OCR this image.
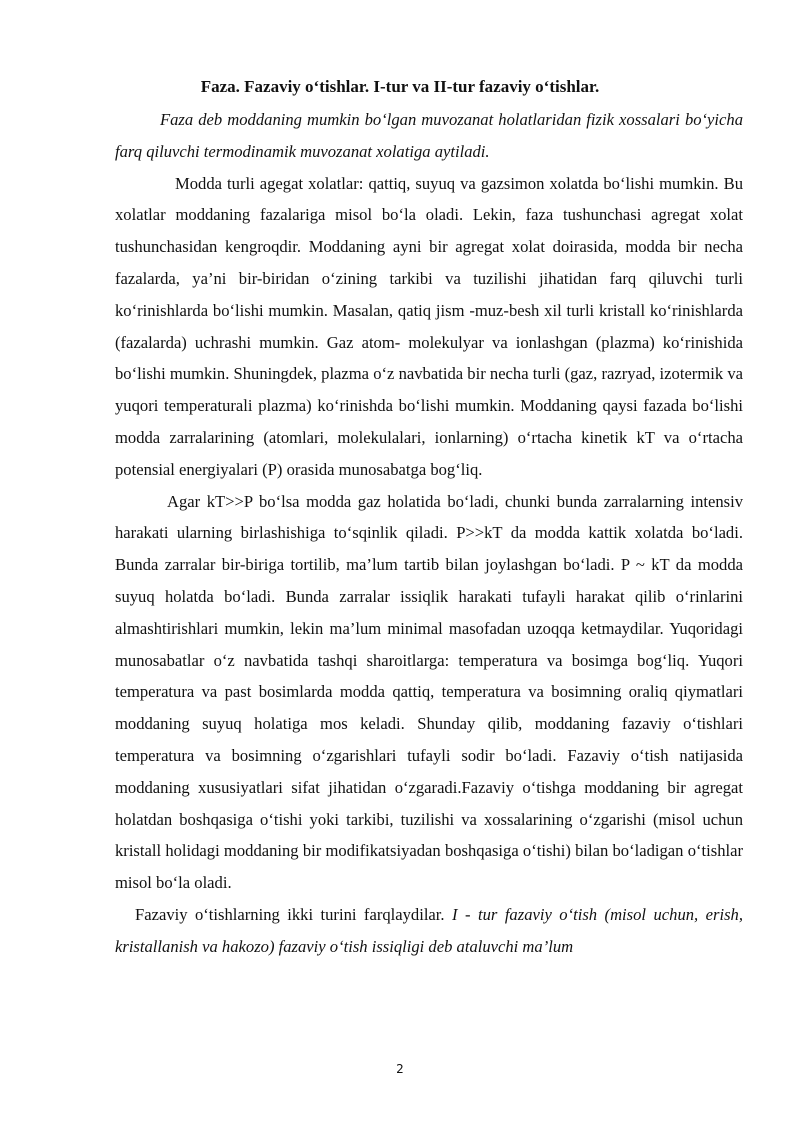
Faza. Fazaviy o‘tishlar. I-tur va II-tur fazaviy o‘tishlar.

Faza deb moddaning mumkin bo‘lgan muvozanat holatlaridan fizik xossalari bo‘yicha farq qiluvchi termodinamik muvozanat xolatiga aytiladi.

Modda turli agegat xolatlar: qattiq, suyuq va gazsimon xolatda bo‘lishi mumkin. Bu xolatlar moddaning fazalariga misol bo‘la oladi. Lekin, faza tushunchasi agregat xolat tushunchasidan kengroqdir. Moddaning ayni bir agregat xolat doirasida, modda bir necha fazalarda, ya’ni bir-biridan o‘zining tarkibi va tuzilishi jihatidan farq qiluvchi turli ko‘rinishlarda bo‘lishi mumkin. Masalan, qatiq jism -muz-besh xil turli kristall ko‘rinishlarda (fazalarda) uchrashi mumkin. Gaz atom- molekulyar va ionlashgan (plazma) ko‘rinishida bo‘lishi mumkin. Shuningdek, plazma o‘z navbatida bir necha turli (gaz, razryad, izotermik va yuqori temperaturali plazma) ko‘rinishda bo‘lishi mumkin. Moddaning qaysi fazada bo‘lishi modda zarralarining (atomlari, molekulalari, ionlarning) o‘rtacha kinetik kT va o‘rtacha potensial energiyalari (P) orasida munosabatga bog‘liq.

Agar kT>>P bo‘lsa modda gaz holatida bo‘ladi, chunki bunda zarralarning intensiv harakati ularning birlashishiga to‘sqinlik qiladi. P>>kT da modda kattik xolatda bo‘ladi. Bunda zarralar bir-biriga tortilib, ma’lum tartib bilan joylashgan bo‘ladi. P ~ kT da modda suyuq holatda bo‘ladi. Bunda zarralar issiqlik harakati tufayli harakat qilib o‘rinlarini almashtirishlari mumkin, lekin ma’lum minimal masofadan uzoqqa ketmaydilar. Yuqoridagi munosabatlar o‘z navbatida tashqi sharoitlarga: temperatura va bosimga bog‘liq. Yuqori temperatura va past bosimlarda modda qattiq, temperatura va bosimning oraliq qiymatlari moddaning suyuq holatiga mos keladi. Shunday qilib, moddaning fazaviy o‘tishlari temperatura va bosimning o‘zgarishlari tufayli sodir bo‘ladi. Fazaviy o‘tish natijasida moddaning xususiyatlari sifat jihatidan o‘zgaradi.Fazaviy o‘tishga moddaning bir agregat holatdan boshqasiga o‘tishi yoki tarkibi, tuzilishi va xossalarining o‘zgarishi (misol uchun kristall holidagi moddaning bir modifikatsiyadan boshqasiga o‘tishi) bilan bo‘ladigan o‘tishlar misol bo‘la oladi.

Fazaviy o‘tishlarning ikki turini farqlaydilar. I - tur fazaviy o‘tish (misol uchun, erish, kristallanish va hakozo) fazaviy o‘tish issiqligi deb ataluvchi ma’lum

2
